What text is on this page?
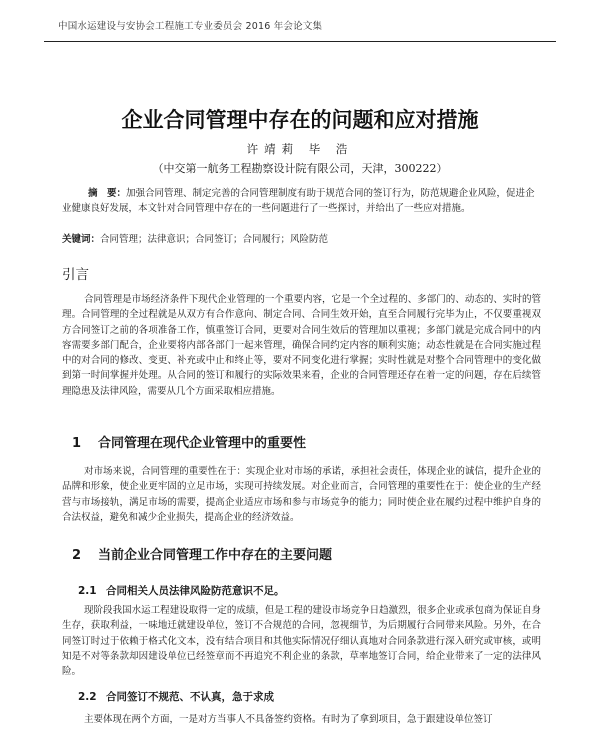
中国水运建设与安协会工程施工专业委员会 2016 年会论文集
企业合同管理中存在的问题和应对措施
许靖莉 毕 浩
（中交第一航务工程勘察设计院有限公司，天津，300222）
摘　要：加强合同管理、制定完善的合同管理制度有助于规范合同的签订行为，防范规避企业风险，促进企业健康良好发展，本文针对合同管理中存在的一些问题进行了一些探讨，并给出了一些应对措施。
关键词：合同管理；法律意识；合同签订；合同履行；风险防范
引言
合同管理是市场经济条件下现代企业管理的一个重要内容，它是一个全过程的、多部门的、动态的、实时的管理。合同管理的全过程就是从双方有合作意向、制定合同、合同生效开始，直至合同履行完毕为止，不仅要重视双方合同签订之前的各项准备工作，慎重签订合同，更要对合同生效后的管理加以重视；多部门就是完成合同中的内容需要多部门配合，企业要将内部各部门一起来管理，确保合同约定内容的顺利实施；动态性就是在合同实施过程中的对合同的修改、变更、补充或中止和终止等，要对不同变化进行掌握；实时性就是对整个合同管理中的变化做到第一时间掌握并处理。从合同的签订和履行的实际效果来看，企业的合同管理还存在着一定的问题，存在后续管理隐患及法律风险，需要从几个方面采取相应措施。
1 合同管理在现代企业管理中的重要性
对市场来说，合同管理的重要性在于：实现企业对市场的承诺，承担社会责任，体现企业的诚信，提升企业的品牌和形象，使企业更牢固的立足市场，实现可持续发展。对企业而言，合同管理的重要性在于：使企业的生产经营与市场接轨，满足市场的需要，提高企业适应市场和参与市场竞争的能力；同时使企业在履约过程中维护自身的合法权益，避免和减少企业损失，提高企业的经济效益。
2 当前企业合同管理工作中存在的主要问题
2.1 合同相关人员法律风险防范意识不足。
现阶段我国水运工程建设取得一定的成绩，但是工程的建设市场竞争日趋激烈，很多企业或承包商为保证自身生存，获取利益，一味地迁就建设单位，签订不合规范的合同，忽视细节，为后期履行合同带来风险。另外，在合同签订时过于依赖于格式化文本，没有结合项目和其他实际情况仔细认真地对合同条款进行深入研究或审核，或明知是不对等条款却因建设单位已经签章而不再追究不利企业的条款，草率地签订合同，给企业带来了一定的法律风险。
2.2 合同签订不规范、不认真，急于求成
主要体现在两个方面，一是对方当事人不具备签约资格。有时为了拿到项目，急于跟建设单位签订
